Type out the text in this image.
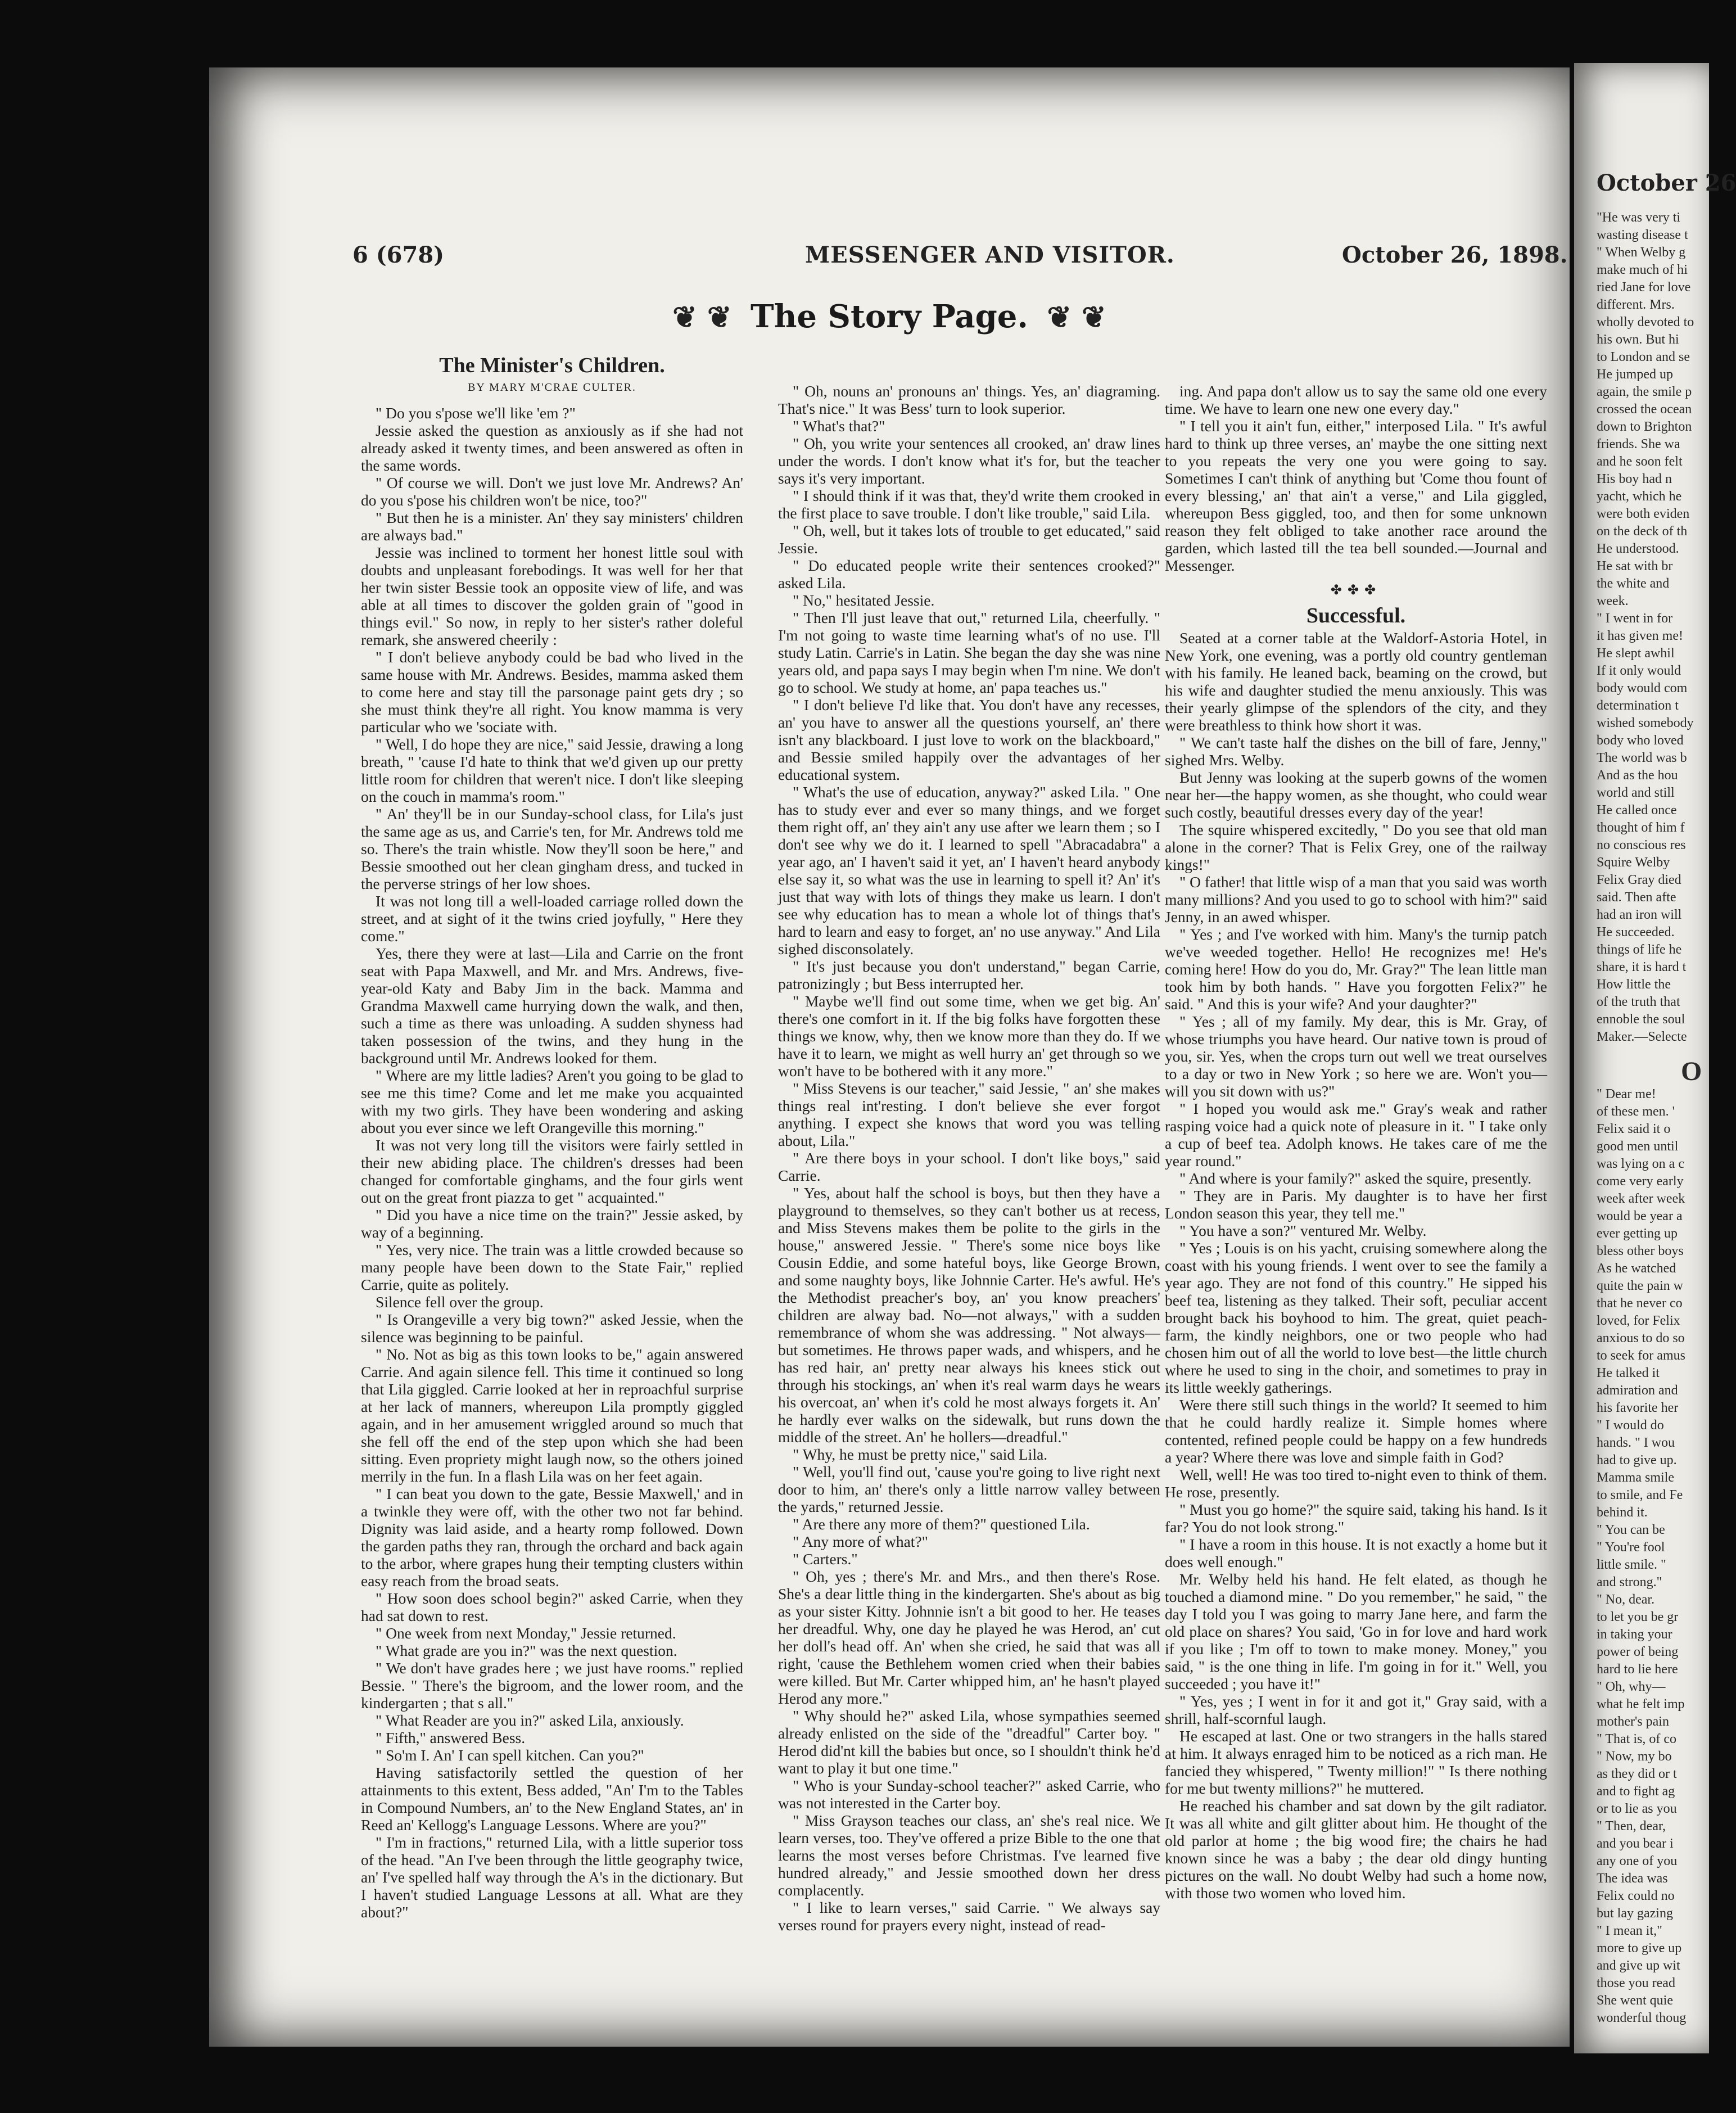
6 (678)	MESSENGER AND VISITOR.	October 26, 1898.
❦ ❦ The Story Page. ❦ ❦
The Minister's Children.
BY MARY M'CRAE CULTER.

" Do you s'pose we'll like 'em ?"

Jessie asked the question as anxiously as if she had not already asked it twenty times, and been answered as often in the same words.

" Of course we will. Don't we just love Mr. Andrews? An' do you s'pose his children won't be nice, too?"

" But then he is a minister. An' they say ministers' children are always bad."

Jessie was inclined to torment her honest little soul with doubts and unpleasant forebodings. It was well for her that her twin sister Bessie took an opposite view of life, and was able at all times to discover the golden grain of "good in things evil." So now, in reply to her sister's rather doleful remark, she answered cheerily :

" I don't believe anybody could be bad who lived in the same house with Mr. Andrews. Besides, mamma asked them to come here and stay till the parsonage paint gets dry ; so she must think they're all right. You know mamma is very particular who we 'sociate with.

" Well, I do hope they are nice," said Jessie, drawing a long breath, " 'cause I'd hate to think that we'd given up our pretty little room for children that weren't nice. I don't like sleeping on the couch in mamma's room."

" An' they'll be in our Sunday-school class, for Lila's just the same age as us, and Carrie's ten, for Mr. Andrews told me so. There's the train whistle. Now they'll soon be here," and Bessie smoothed out her clean gingham dress, and tucked in the perverse strings of her low shoes.

It was not long till a well-loaded carriage rolled down the street, and at sight of it the twins cried joyfully, " Here they come."

Yes, there they were at last—Lila and Carrie on the front seat with Papa Maxwell, and Mr. and Mrs. Andrews, five-year-old Katy and Baby Jim in the back. Mamma and Grandma Maxwell came hurrying down the walk, and then, such a time as there was unloading. A sudden shyness had taken possession of the twins, and they hung in the background until Mr. Andrews looked for them.

" Where are my little ladies? Aren't you going to be glad to see me this time? Come and let me make you acquainted with my two girls. They have been wondering and asking about you ever since we left Orangeville this morning."

It was not very long till the visitors were fairly settled in their new abiding place. The children's dresses had been changed for comfortable ginghams, and the four girls went out on the great front piazza to get " acquainted."

" Did you have a nice time on the train?" Jessie asked, by way of a beginning.

" Yes, very nice. The train was a little crowded because so many people have been down to the State Fair," replied Carrie, quite as politely.

Silence fell over the group.

" Is Orangeville a very big town?" asked Jessie, when the silence was beginning to be painful.

" No. Not as big as this town looks to be," again answered Carrie. And again silence fell. This time it continued so long that Lila giggled. Carrie looked at her in reproachful surprise at her lack of manners, whereupon Lila promptly giggled again, and in her amusement wriggled around so much that she fell off the end of the step upon which she had been sitting. Even propriety might laugh now, so the others joined merrily in the fun. In a flash Lila was on her feet again.

" I can beat you down to the gate, Bessie Maxwell,' and in a twinkle they were off, with the other two not far behind. Dignity was laid aside, and a hearty romp followed. Down the garden paths they ran, through the orchard and back again to the arbor, where grapes hung their tempting clusters within easy reach from the broad seats.

" How soon does school begin?" asked Carrie, when they had sat down to rest.

" One week from next Monday," Jessie returned.

" What grade are you in?" was the next question.

" We don't have grades here ; we just have rooms." replied Bessie. " There's the bigroom, and the lower room, and the kindergarten ; that s all."

" What Reader are you in?" asked Lila, anxiously.

" Fifth," answered Bess.

" So'm I. An' I can spell kitchen. Can you?"

Having satisfactorily settled the question of her attainments to this extent, Bess added, "An' I'm to the Tables in Compound Numbers, an' to the New England States, an' in Reed an' Kellogg's Language Lessons. Where are you?"

" I'm in fractions," returned Lila, with a little superior toss of the head. "An I've been through the little geography twice, an' I've spelled half way through the A's in the dictionary. But I haven't studied Language Lessons at all. What are they about?"

" Oh, nouns an' pronouns an' things. Yes, an' diagraming. That's nice." It was Bess' turn to look superior.

" What's that?"

" Oh, you write your sentences all crooked, an' draw lines under the words. I don't know what it's for, but the teacher says it's very important.

" I should think if it was that, they'd write them crooked in the first place to save trouble. I don't like trouble," said Lila.

" Oh, well, but it takes lots of trouble to get educated," said Jessie.

" Do educated people write their sentences crooked?" asked Lila.

" No," hesitated Jessie.

" Then I'll just leave that out," returned Lila, cheerfully. " I'm not going to waste time learning what's of no use. I'll study Latin. Carrie's in Latin. She began the day she was nine years old, and papa says I may begin when I'm nine. We don't go to school. We study at home, an' papa teaches us."

" I don't believe I'd like that. You don't have any recesses, an' you have to answer all the questions yourself, an' there isn't any blackboard. I just love to work on the blackboard," and Bessie smiled happily over the advantages of her educational system.

" What's the use of education, anyway?" asked Lila. " One has to study ever and ever so many things, and we forget them right off, an' they ain't any use after we learn them ; so I don't see why we do it. I learned to spell "Abracadabra" a year ago, an' I haven't said it yet, an' I haven't heard anybody else say it, so what was the use in learning to spell it? An' it's just that way with lots of things they make us learn. I don't see why education has to mean a whole lot of things that's hard to learn and easy to forget, an' no use anyway." And Lila sighed disconsolately.

" It's just because you don't understand," began Carrie, patronizingly ; but Bess interrupted her.

" Maybe we'll find out some time, when we get big. An' there's one comfort in it. If the big folks have forgotten these things we know, why, then we know more than they do. If we have it to learn, we might as well hurry an' get through so we won't have to be bothered with it any more."

" Miss Stevens is our teacher," said Jessie, " an' she makes things real int'resting. I don't believe she ever forgot anything. I expect she knows that word you was telling about, Lila."

" Are there boys in your school. I don't like boys," said Carrie.

" Yes, about half the school is boys, but then they have a playground to themselves, so they can't bother us at recess, and Miss Stevens makes them be polite to the girls in the house," answered Jessie. " There's some nice boys like Cousin Eddie, and some hateful boys, like George Brown, and some naughty boys, like Johnnie Carter. He's awful. He's the Methodist preacher's boy, an' you know preachers' children are alway bad. No—not always," with a sudden remembrance of whom she was addressing. " Not always—but sometimes. He throws paper wads, and whispers, and he has red hair, an' pretty near always his knees stick out through his stockings, an' when it's real warm days he wears his overcoat, an' when it's cold he most always forgets it. An' he hardly ever walks on the sidewalk, but runs down the middle of the street. An' he hollers—dreadful."

" Why, he must be pretty nice," said Lila.

" Well, you'll find out, 'cause you're going to live right next door to him, an' there's only a little narrow valley between the yards," returned Jessie.

" Are there any more of them?" questioned Lila.

" Any more of what?"

" Carters."

" Oh, yes ; there's Mr. and Mrs., and then there's Rose. She's a dear little thing in the kindergarten. She's about as big as your sister Kitty. Johnnie isn't a bit good to her. He teases her dreadful. Why, one day he played he was Herod, an' cut her doll's head off. An' when she cried, he said that was all right, 'cause the Bethlehem women cried when their babies were killed. But Mr. Carter whipped him, an' he hasn't played Herod any more."

" Why should he?" asked Lila, whose sympathies seemed already enlisted on the side of the "dreadful" Carter boy. " Herod did'nt kill the babies but once, so I shouldn't think he'd want to play it but one time."

" Who is your Sunday-school teacher?" asked Carrie, who was not interested in the Carter boy.

" Miss Grayson teaches our class, an' she's real nice. We learn verses, too. They've offered a prize Bible to the one that learns the most verses before Christmas. I've learned five hundred already," and Jessie smoothed down her dress complacently.

" I like to learn verses," said Carrie. " We always say verses round for prayers every night, instead of read-

ing. And papa don't allow us to say the same old one every time. We have to learn one new one every day."

" I tell you it ain't fun, either," interposed Lila. " It's awful hard to think up three verses, an' maybe the one sitting next to you repeats the very one you were going to say. Sometimes I can't think of anything but 'Come thou fount of every blessing,' an' that ain't a verse," and Lila giggled, whereupon Bess giggled, too, and then for some unknown reason they felt obliged to take another race around the garden, which lasted till the tea bell sounded.—Journal and Messenger.

✤✤✤
Successful.

Seated at a corner table at the Waldorf-Astoria Hotel, in New York, one evening, was a portly old country gentleman with his family. He leaned back, beaming on the crowd, but his wife and daughter studied the menu anxiously. This was their yearly glimpse of the splendors of the city, and they were breathless to think how short it was.

" We can't taste half the dishes on the bill of fare, Jenny," sighed Mrs. Welby.

But Jenny was looking at the superb gowns of the women near her—the happy women, as she thought, who could wear such costly, beautiful dresses every day of the year!

The squire whispered excitedly, " Do you see that old man alone in the corner? That is Felix Grey, one of the railway kings!"

" O father! that little wisp of a man that you said was worth many millions? And you used to go to school with him?" said Jenny, in an awed whisper.

" Yes ; and I've worked with him. Many's the turnip patch we've weeded together. Hello! He recognizes me! He's coming here! How do you do, Mr. Gray?" The lean little man took him by both hands. " Have you forgotten Felix?" he said. " And this is your wife? And your daughter?"

" Yes ; all of my family. My dear, this is Mr. Gray, of whose triumphs you have heard. Our native town is proud of you, sir. Yes, when the crops turn out well we treat ourselves to a day or two in New York ; so here we are. Won't you—will you sit down with us?"

" I hoped you would ask me." Gray's weak and rather rasping voice had a quick note of pleasure in it. " I take only a cup of beef tea. Adolph knows. He takes care of me the year round."

" And where is your family?" asked the squire, presently.

" They are in Paris. My daughter is to have her first London season this year, they tell me."

" You have a son?" ventured Mr. Welby.

" Yes ; Louis is on his yacht, cruising somewhere along the coast with his young friends. I went over to see the family a year ago. They are not fond of this country." He sipped his beef tea, listening as they talked. Their soft, peculiar accent brought back his boyhood to him. The great, quiet peach-farm, the kindly neighbors, one or two people who had chosen him out of all the world to love best—the little church where he used to sing in the choir, and sometimes to pray in its little weekly gatherings.

Were there still such things in the world? It seemed to him that he could hardly realize it. Simple homes where contented, refined people could be happy on a few hundreds a year? Where there was love and simple faith in God?

Well, well! He was too tired to-night even to think of them. He rose, presently.

" Must you go home?" the squire said, taking his hand. Is it far? You do not look strong."

" I have a room in this house. It is not exactly a home but it does well enough."

Mr. Welby held his hand. He felt elated, as though he touched a diamond mine. " Do you remember," he said, " the day I told you I was going to marry Jane here, and farm the old place on shares? You said, 'Go in for love and hard work if you like ; I'm off to town to make money. Money," you said, " is the one thing in life. I'm going in for it." Well, you succeeded ; you have it!"

" Yes, yes ; I went in for it and got it," Gray said, with a shrill, half-scornful laugh.

He escaped at last. One or two strangers in the halls stared at him. It always enraged him to be noticed as a rich man. He fancied they whispered, " Twenty million!" " Is there nothing for me but twenty millions?" he muttered.

He reached his chamber and sat down by the gilt radiator. It was all white and gilt glitter about him. He thought of the old parlor at home ; the big wood fire; the chairs he had known since he was a baby ; the dear old dingy hunting pictures on the wall. No doubt Welby had such a home now, with those two women who loved him.

October 26

"He was very ti

wasting disease t

" When Welby g

make much of hi

ried Jane for love

different. Mrs.

wholly devoted to

his own. But hi

to London and se

He jumped up

again, the smile p

crossed the ocean

down to Brighton

friends. She wa

and he soon felt

His boy had n

yacht, which he

were both eviden

on the deck of th

He understood.

He sat with br

the white and

week.

" I went in for

it has given me!

He slept awhil

If it only would

body would com

determination t

wished somebody

body who loved

The world was b

And as the hou

world and still

He called once

thought of him f

no conscious res

Squire Welby

Felix Gray died

said. Then afte

had an iron will

He succeeded.

things of life he

share, it is hard t

How little the

of the truth that

ennoble the soul

Maker.—Selecte

O

" Dear me!

of these men. '

Felix said it o

good men until

was lying on a c

come very early

week after week

would be year a

ever getting up

bless other boys

As he watched

quite the pain w

that he never co

loved, for Felix

anxious to do so

to seek for amus

He talked it

admiration and

his favorite her

" I would do

hands. " I wou

had to give up.

Mamma smile

to smile, and Fe

behind it.

" You can be

" You're fool

little smile. "

and strong."

" No, dear.

to let you be gr

in taking your

power of being

hard to lie here

" Oh, why—

what he felt imp

mother's pain

" That is, of co

" Now, my bo

as they did or t

and to fight ag

or to lie as you

" Then, dear,

and you bear i

any one of you

The idea was

Felix could no

but lay gazing

" I mean it,"

more to give up

and give up wit

those you read

She went quie

wonderful thoug
